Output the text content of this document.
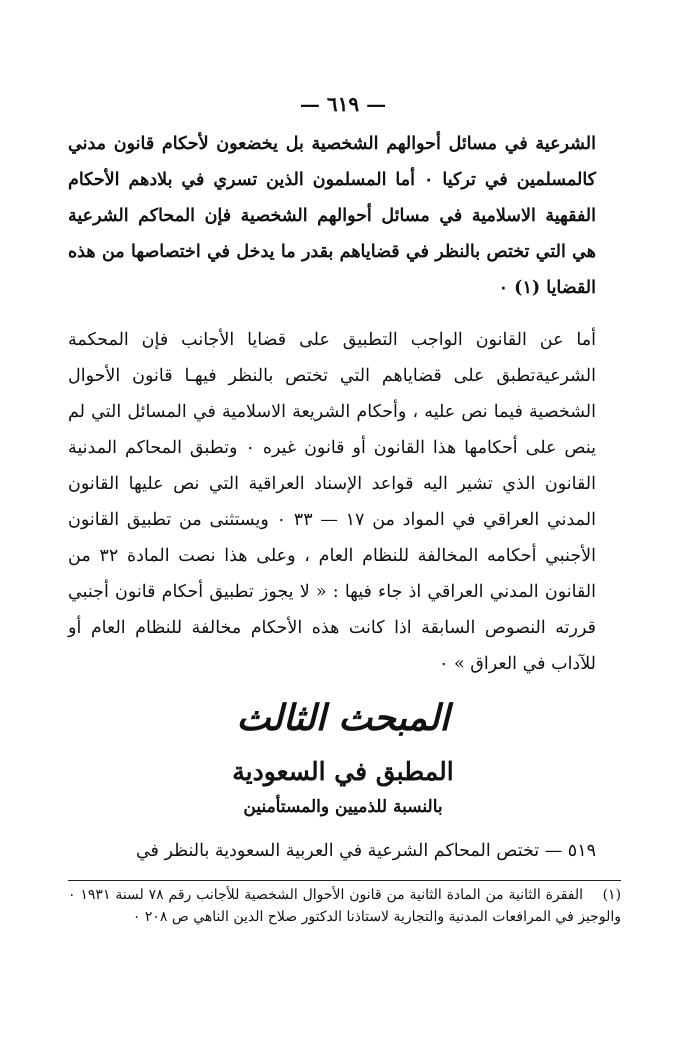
— ٦١٩ —

الشرعية في مسائل أحوالهم الشخصية بل يخضعون لأحكام قانون مدني كالمسلمين في تركيا ٠ أما المسلمون الذين تسري في بلادهم الأحكام الفقهية الاسلامية في مسائل أحوالهم الشخصية فإن المحاكم الشرعية هي التي تختص بالنظر في قضاياهم بقدر ما يدخل في اختصاصها من هذه القضايا (١) ٠

أما عن القانون الواجب التطبيق على قضايا الأجانب فإن المحكمة الشرعيةتطبق على قضاياهم التي تختص بالنظر فيهـا قانون الأحوال الشخصية فيما نص عليه ، وأحكام الشريعة الاسلامية في المسائل التي لم ينص على أحكامها هذا القانون أو قانون غيره ٠ وتطبق المحاكم المدنية القانون الذي تشير اليه قواعد الإسناد العراقية التي نص عليها القانون المدني العراقي في المواد من ١٧ — ٣٣ ٠ ويستثنى من تطبيق القانون الأجنبي أحكامه المخالفة للنظام العام ، وعلى هذا نصت المادة ٣٢ من القانون المدني العراقي اذ جاء فيها : « لا يجوز تطبيق أحكام قانون أجنبي قررته النصوص السابقة اذا كانت هذه الأحكام مخالفة للنظام العام أو للآداب في العراق » ٠

المبحث الثالث
المطبق في السعودية
بالنسبة للذميين والمستأمنين
٥١٩ — تختص المحاكم الشرعية في العربية السعودية بالنظر في
(١)الفقرة الثانية من المادة الثانية من قانون الأحوال الشخصية للأجانب رقم ٧٨ لسنة ١٩٣١ ٠ والوجيز في المرافعات المدنية والتجارية لاستاذنا الدكتور صلاح الدين الناهي ص ٢٠٨ ٠
